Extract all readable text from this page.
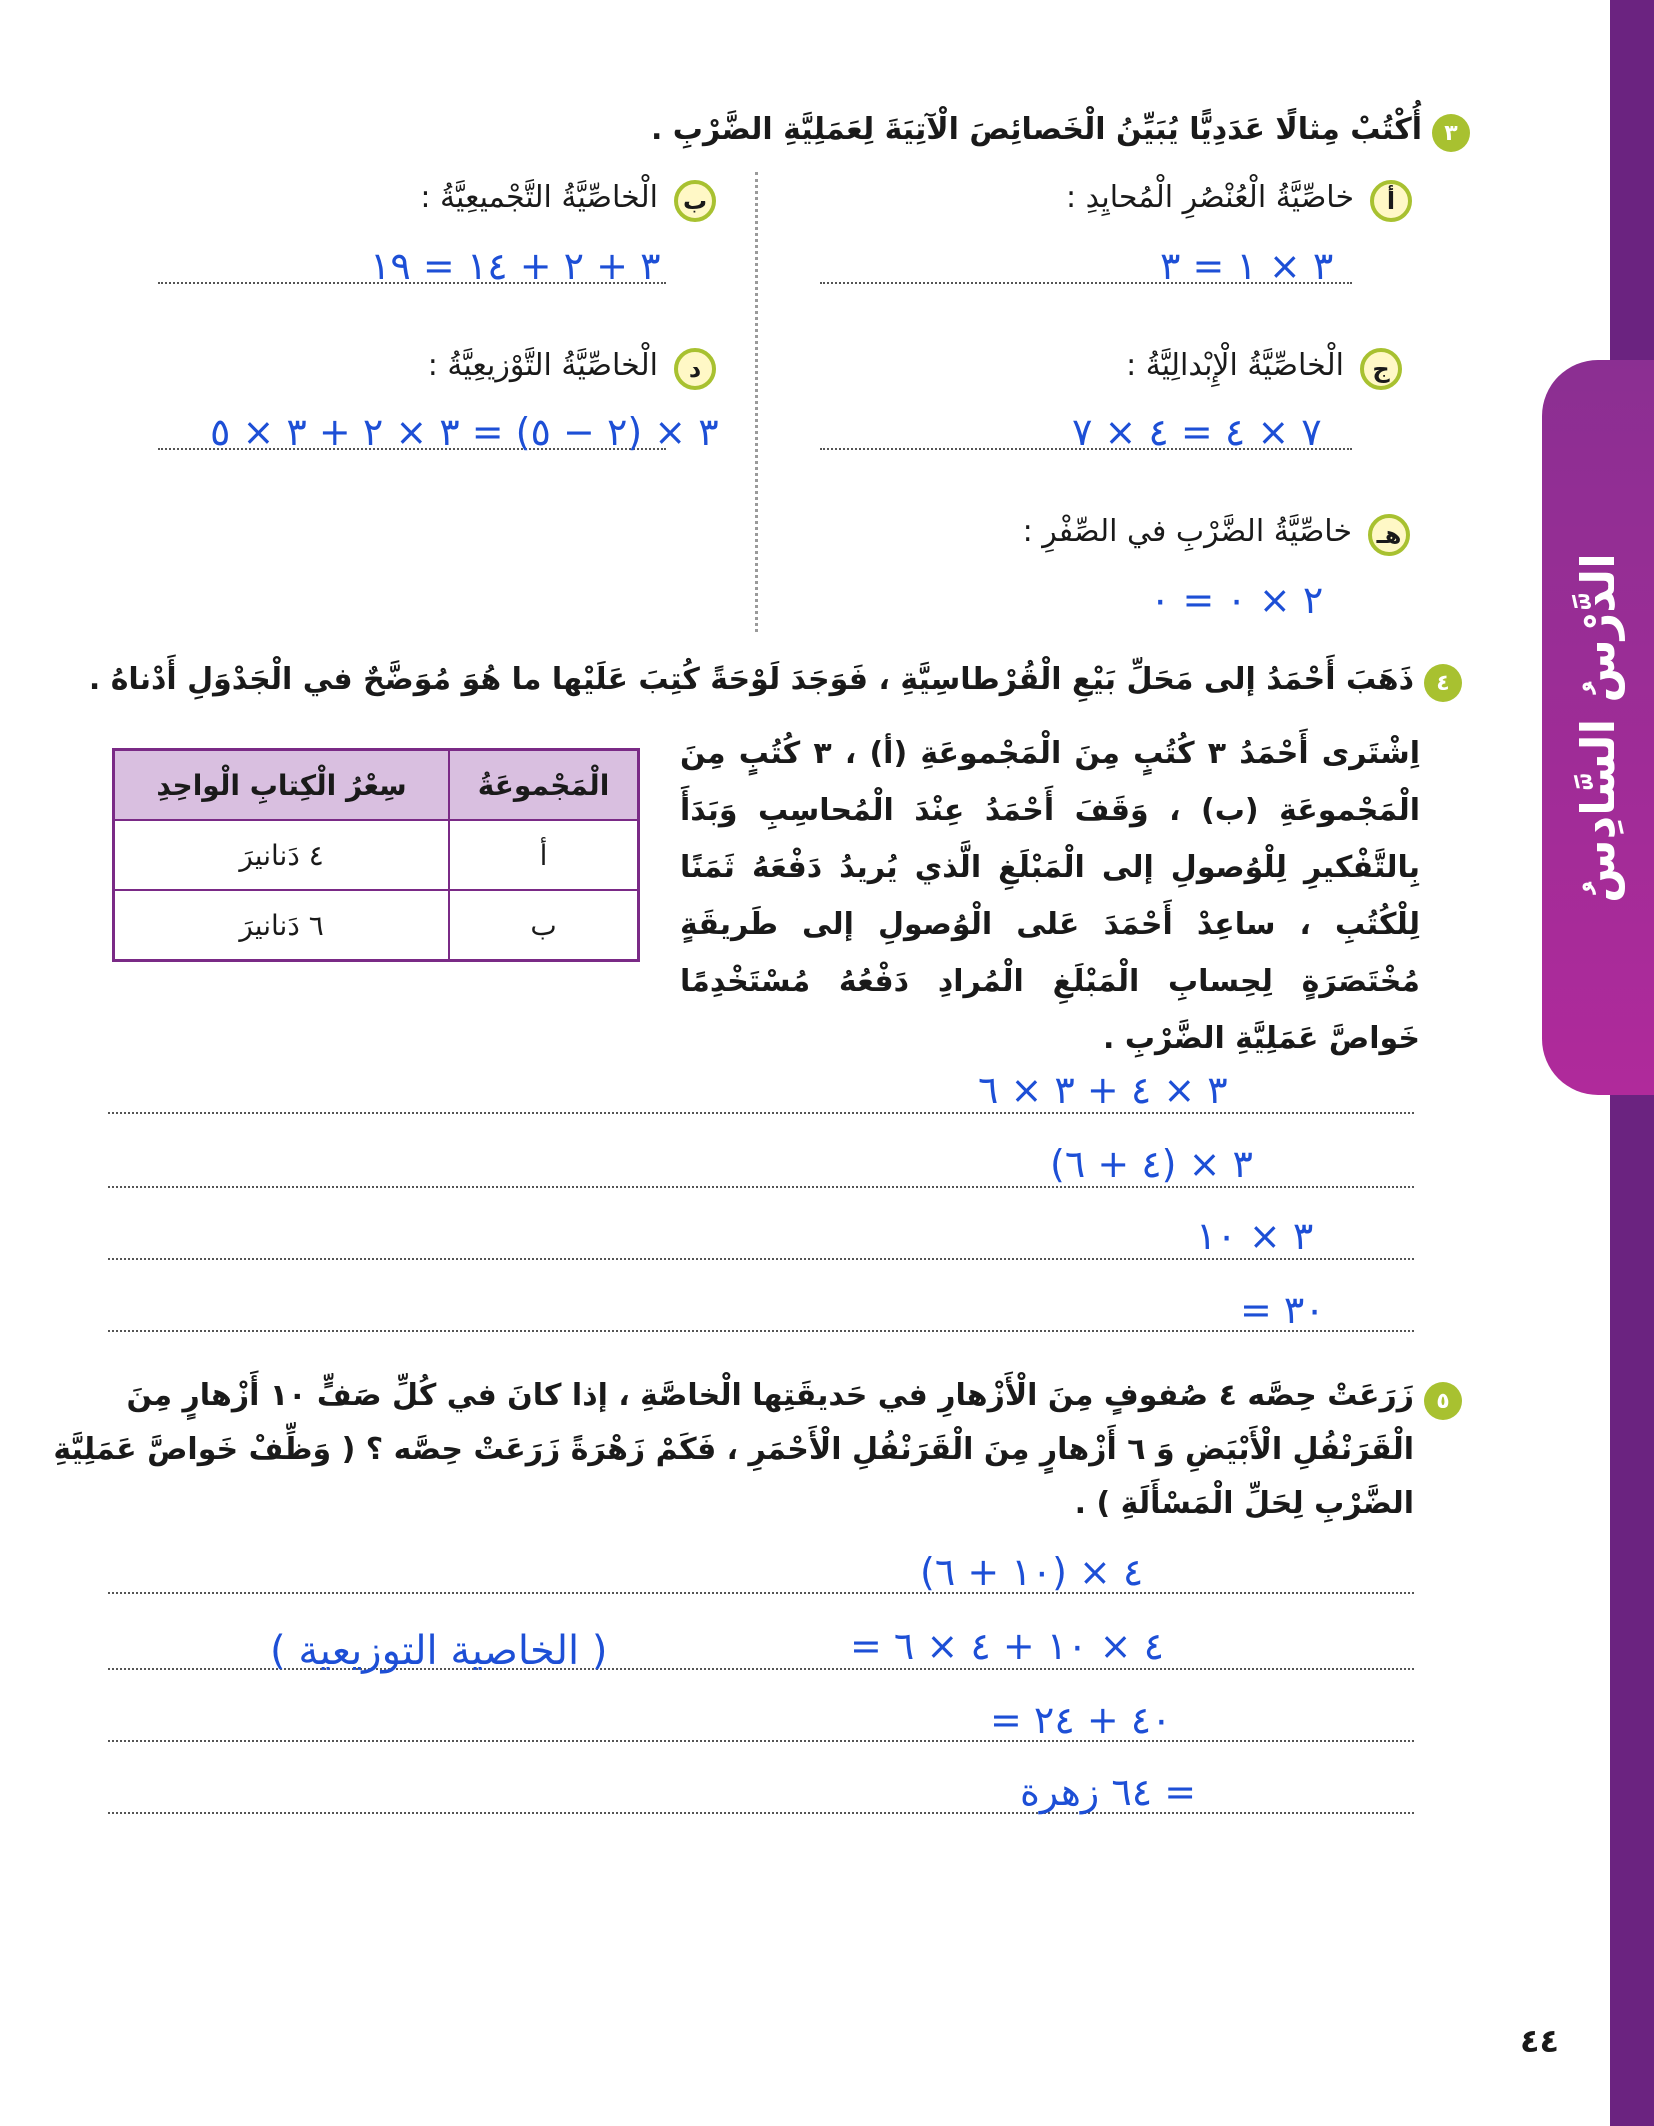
الدَّرْسُ السَّادِسُ
٣
أُكْتُبْ مِثالًا عَدَدِيًّا يُبَيِّنُ الْخَصائِصَ الْآتِيَةَ لِعَمَلِيَّةِ الضَّرْبِ .
أ
خاصِّيَّةُ الْعُنْصُرِ الْمُحايِدِ :
٣ × ١ = ٣
ب
الْخاصِّيَّةُ التَّجْميعِيَّةُ :
٣ + ٢ + ١٤ = ١٩
ج
الْخاصِّيَّةُ الْإِبْدالِيَّةُ :
٧ × ٤ = ٤ × ٧
د
الْخاصِّيَّةُ التَّوْزيعِيَّةُ :
٣ × (٢ − ٥) = ٣ × ٢ + ٣ × ٥
هـ
خاصِّيَّةُ الضَّرْبِ في الصِّفْرِ :
٢ × ٠ = ٠
٤
ذَهَبَ أَحْمَدُ إلى مَحَلِّ بَيْعِ الْقُرْطاسِيَّةِ ، فَوَجَدَ لَوْحَةً كُتِبَ عَلَيْها ما هُوَ مُوَضَّحٌ في الْجَدْوَلِ أَدْناهُ .
اِشْتَرى أَحْمَدُ ٣ كُتُبٍ مِنَ الْمَجْموعَةِ (أ) ، ٣ كُتُبٍ مِنَ الْمَجْموعَةِ (ب) ، وَقَفَ أَحْمَدُ عِنْدَ الْمُحاسِبِ وَبَدَأَ بِالتَّفْكيرِ لِلْوُصولِ إلى الْمَبْلَغِ الَّذي يُريدُ دَفْعَهُ ثَمَنًا لِلْكُتُبِ ، ساعِدْ أَحْمَدَ عَلى الْوُصولِ إلى طَريقَةٍ مُخْتَصَرَةٍ لِحِسابِ الْمَبْلَغِ الْمُرادِ دَفْعُهُ مُسْتَخْدِمًا خَواصَّ عَمَلِيَّةِ الضَّرْبِ .
الْمَجْموعَةُ	سِعْرُ الْكِتابِ الْواحِدِ
أ	٤ دَنانيرَ
ب	٦ دَنانيرَ
٣ × ٤ + ٣ × ٦
٣ × (٤ + ٦)
٣ × ١٠
= ٣٠
٥
زَرَعَتْ حِصَّه ٤ صُفوفٍ مِنَ الْأَزْهارِ في حَديقَتِها الْخاصَّةِ ، إذا كانَ في كُلِّ صَفٍّ ١٠ أَزْهارٍ مِنَ
الْقَرَنْفُلِ الْأَبْيَضِ وَ ٦ أَزْهارٍ مِنَ الْقَرَنْفُلِ الْأَحْمَرِ ، فَكَمْ زَهْرَةً زَرَعَتْ حِصَّه ؟ ( وَظِّفْ خَواصَّ عَمَلِيَّةِ
الضَّرْبِ لِحَلِّ الْمَسْأَلَةِ ) .
٤ × (١٠ + ٦)
= ٤ × ١٠ + ٤ × ٦
= ٤٠ + ٢٤
= ٦٤ زهرة
( الخاصية التوزيعية )
٤٤
